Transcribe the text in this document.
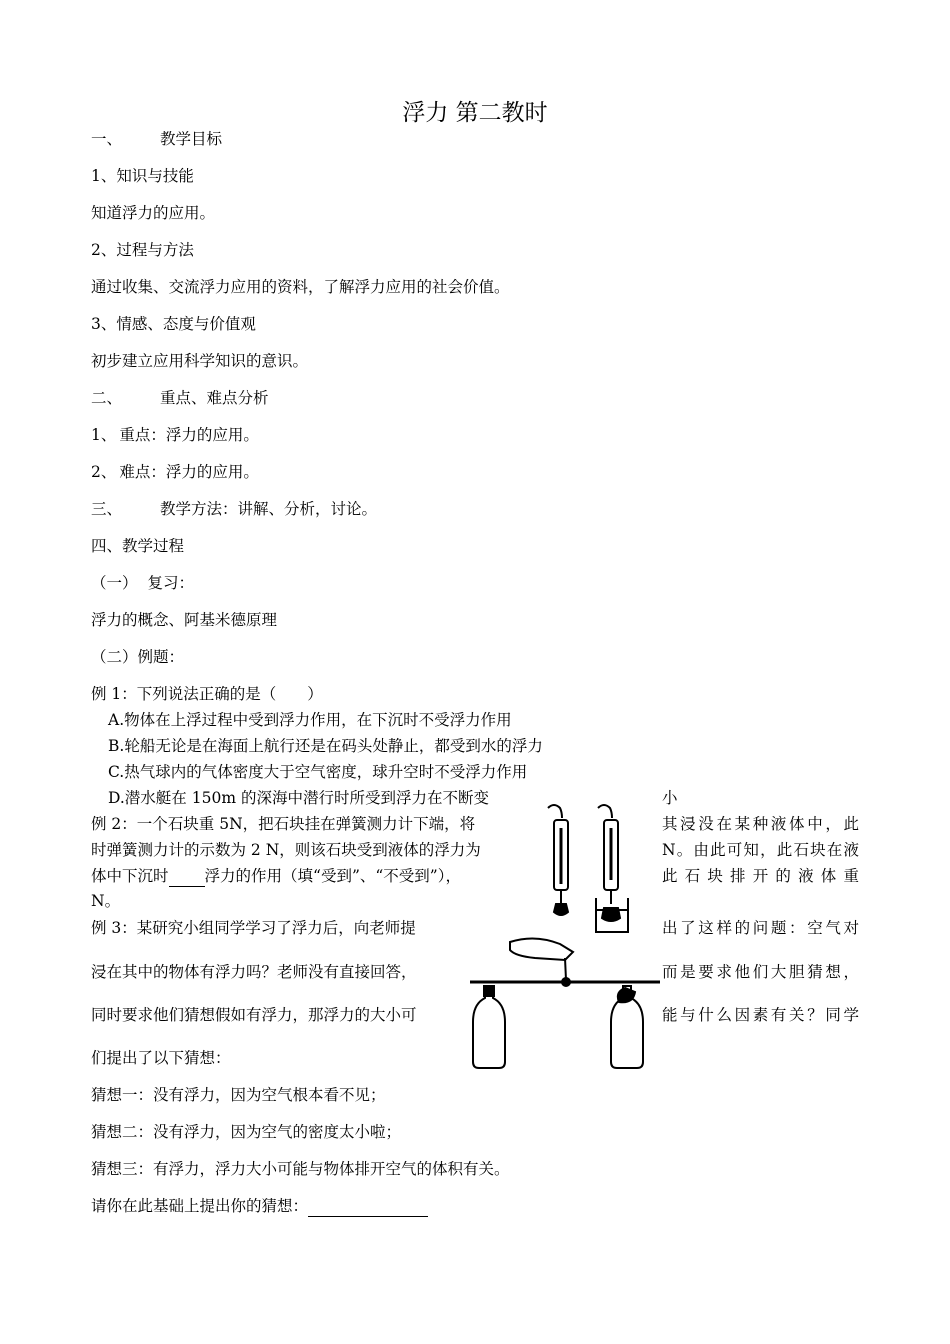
浮力 第二教时
一、 教学目标
1、知识与技能
知道浮力的应用。
2、过程与方法
通过收集、交流浮力应用的资料，了解浮力应用的社会价值。
3、情感、态度与价值观
初步建立应用科学知识的意识。
二、 重点、难点分析
1、 重点：浮力的应用。
2、 难点：浮力的应用。
三、 教学方法：讲解、分析，讨论。
四、教学过程
（一） 复习：
浮力的概念、阿基米德原理
（二）例题：
例 1：下列说法正确的是（　　）
A.物体在上浮过程中受到浮力作用，在下沉时不受浮力作用
B.轮船无论是在海面上航行还是在码头处静止，都受到水的浮力
C.热气球内的气体密度大于空气密度，球升空时不受浮力作用
D.潜水艇在 150m 的深海中潜行时所受到浮力在不断变	小
例 2：一个石块重 5N，把石块挂在弹簧测力计下端，将	其浸没在某种液体中，此
时弹簧测力计的示数为 2 N，则该石块受到液体的浮力为	N。由此可知，此石块在液
体中下沉时 浮力的作用（填“受到”、“不受到”），	此 石 块 排 开 的 液 体 重
N。
例 3：某研究小组同学学习了浮力后，向老师提	出了这样的问题：空气对
浸在其中的物体有浮力吗？老师没有直接回答，	而是要求他们大胆猜想，
同时要求他们猜想假如有浮力，那浮力的大小可	能与什么因素有关？同学
们提出了以下猜想：
猜想一：没有浮力，因为空气根本看不见；
猜想二：没有浮力，因为空气的密度太小啦；
猜想三：有浮力，浮力大小可能与物体排开空气的体积有关。
请你在此基础上提出你的猜想：
